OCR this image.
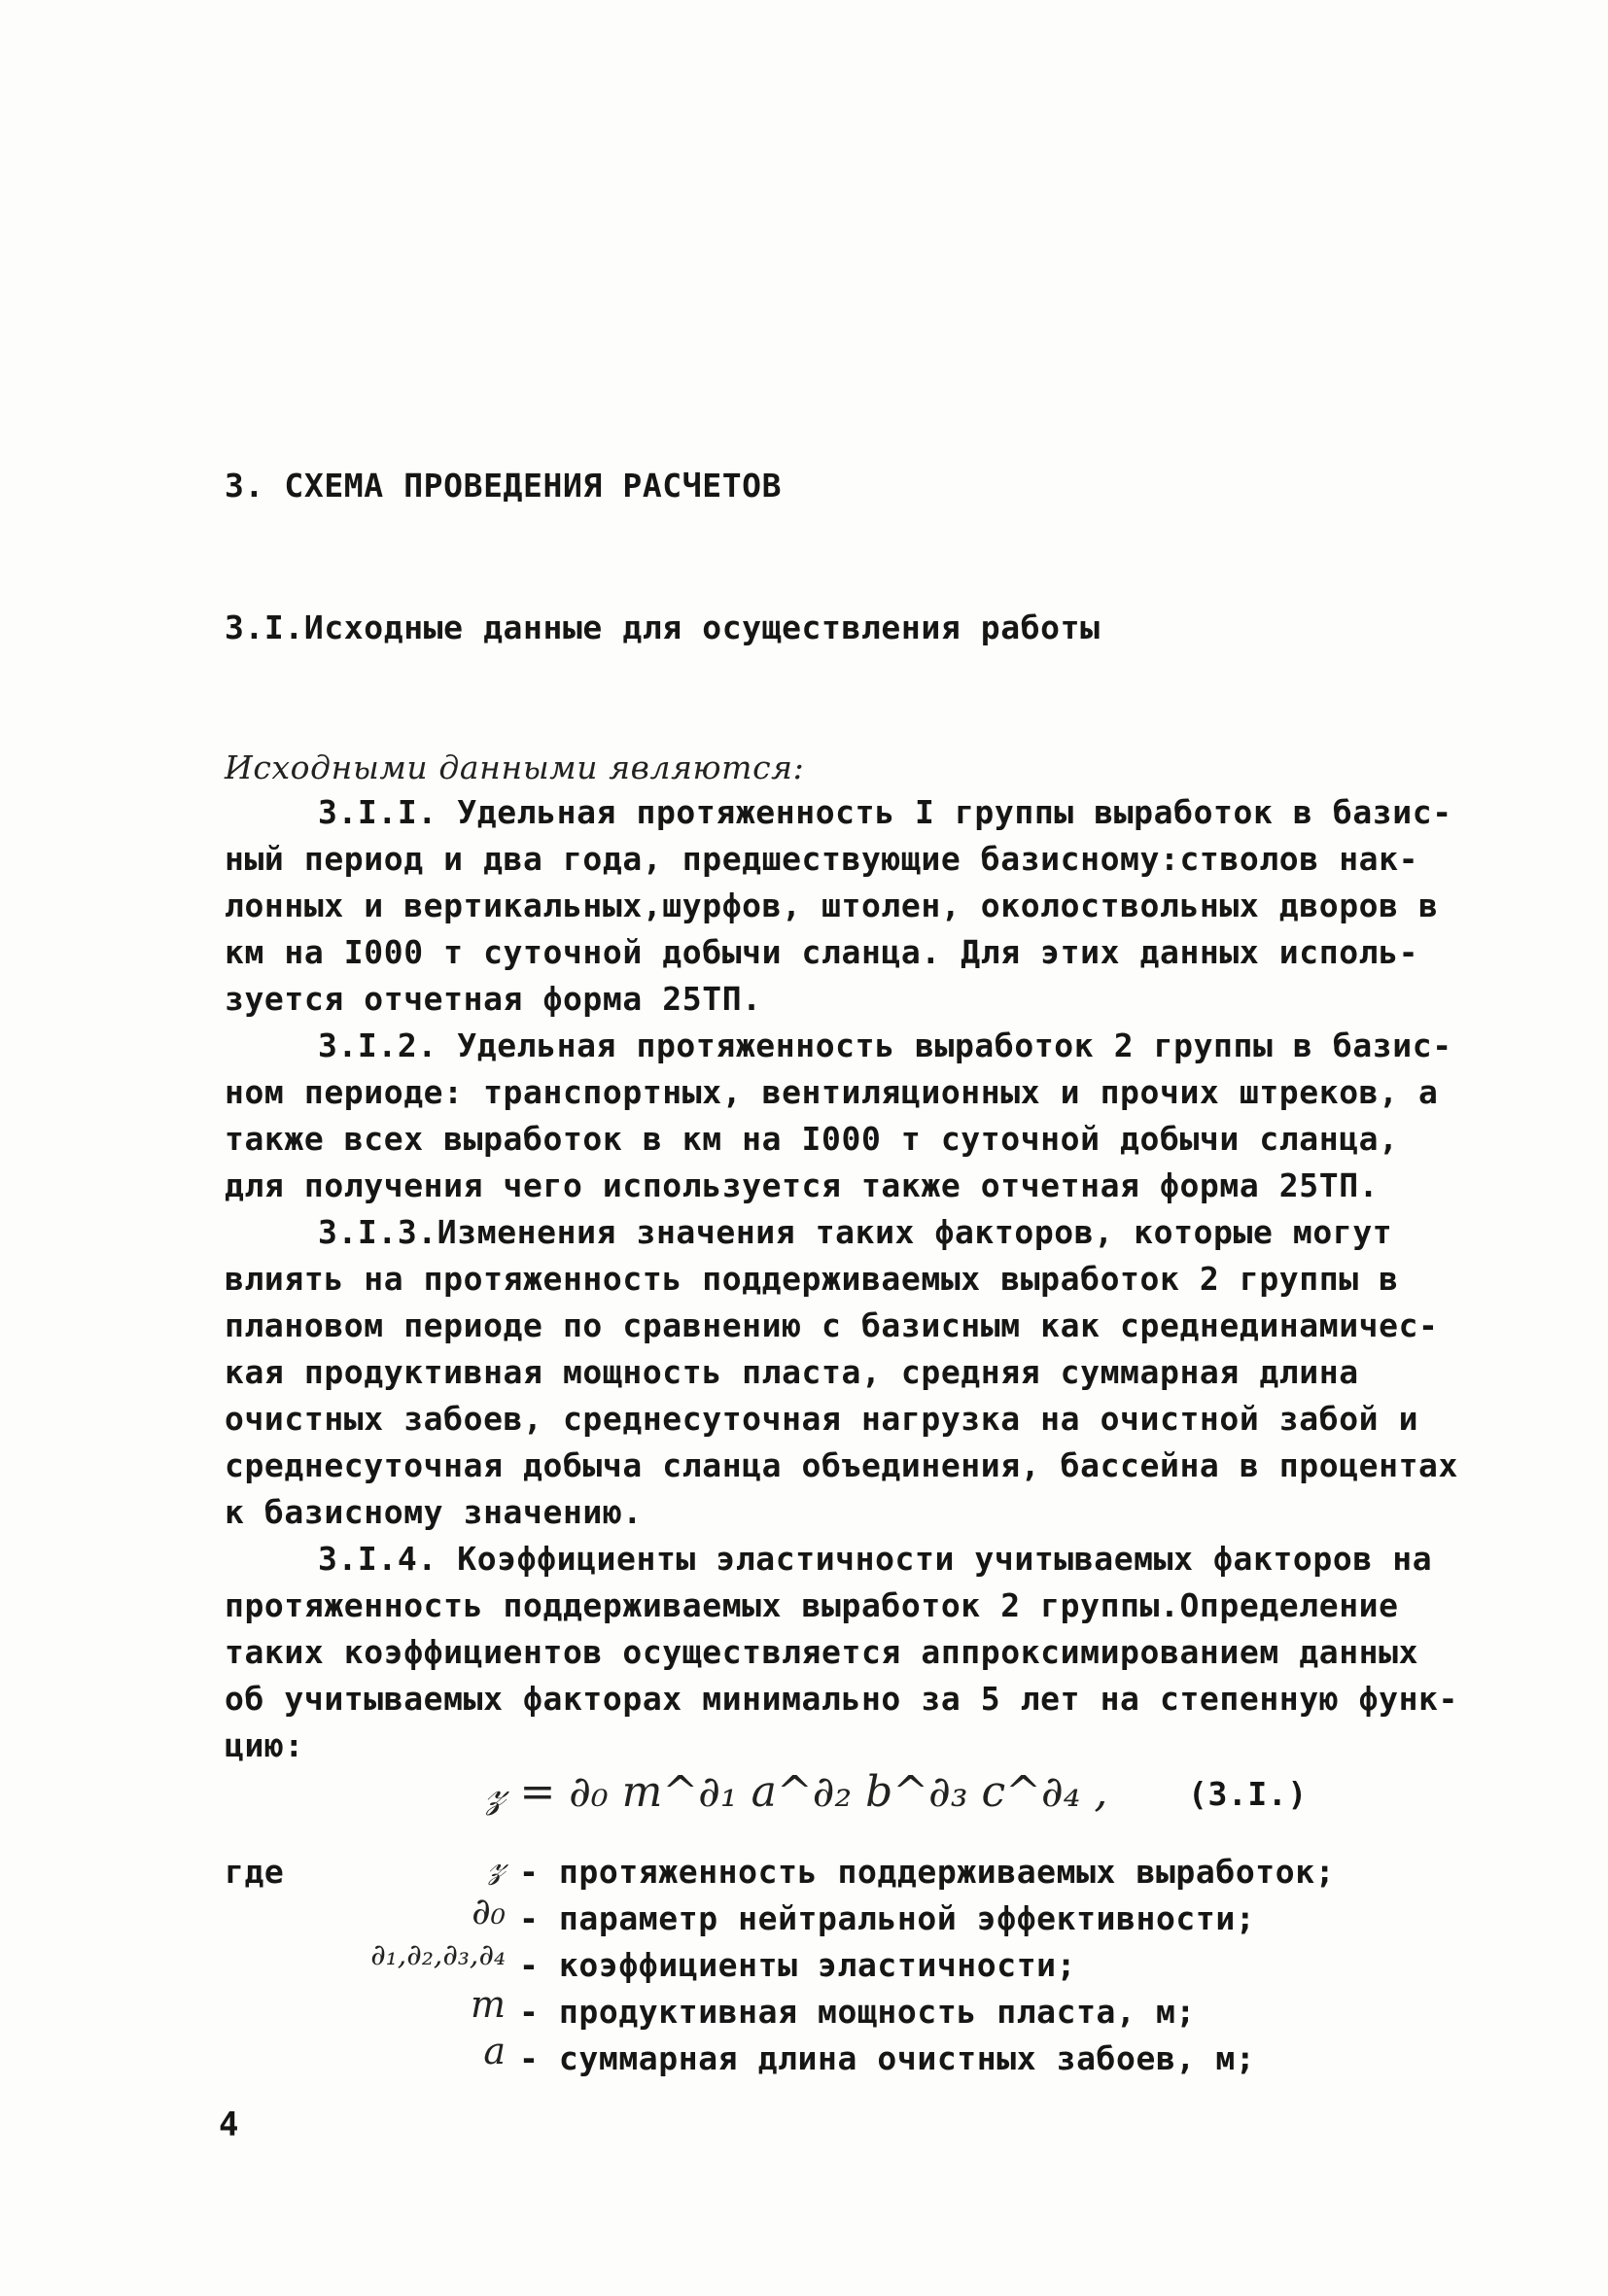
3. СХЕМА ПРОВЕДЕНИЯ РАСЧЕТОВ
3.I.Исходные данные для осуществления работы
Исходными данными являются:
3.I.I. Удельная протяженность I группы выработок в базис-
ный период и два года, предшествующие базисному:стволов нак-
лонных и вертикальных,шурфов, штолен, околоствольных дворов в
км на I000 т суточной добычи сланца. Для этих данных исполь-
зуется отчетная форма 25ТП.
3.I.2. Удельная протяженность выработок 2 группы в базис-
ном периоде: транспортных, вентиляционных и прочих штреков, а
также всех выработок в км на I000 т суточной добычи сланца,
для получения чего используется также отчетная форма 25ТП.
3.I.3.Изменения значения таких факторов, которые могут
влиять на протяженность поддерживаемых выработок 2 группы в
плановом периоде по сравнению с базисным как среднединамичес-
кая продуктивная мощность пласта, средняя суммарная длина
очистных забоев, среднесуточная нагрузка на очистной забой и
среднесуточная добыча сланца объединения, бассейна в процентах
к базисному значению.
3.I.4. Коэффициенты эластичности учитываемых факторов на
протяженность поддерживаемых выработок 2 группы.Определение
таких коэффициентов осуществляется аппроксимированием данных
об учитываемых факторах минимально за 5 лет на степенную функ-
цию:
𝓏 = ∂₀ m^∂₁ a^∂₂ b^∂₃ c^∂₄ ,	(3.I.)
где	𝓏 - протяженность поддерживаемых выработок;
∂₀ - параметр нейтральной эффективности;
∂₁,∂₂,∂₃,∂₄ - коэффициенты эластичности;
m - продуктивная мощность пласта, м;
a - суммарная длина очистных забоев, м;
4
